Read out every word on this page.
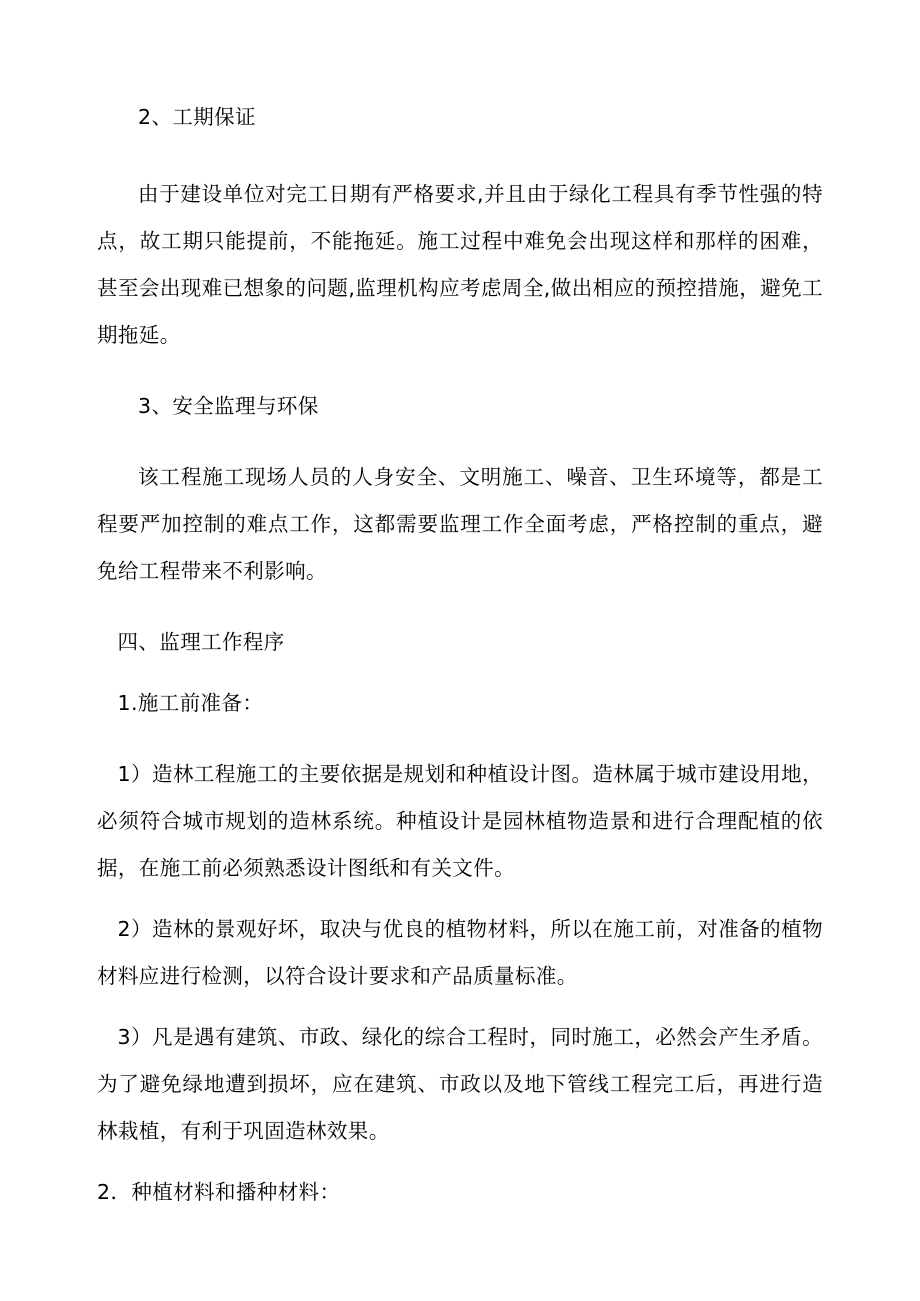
2、工期保证

由于建设单位对完工日期有严格要求,并且由于绿化工程具有季节性强的特点，故工期只能提前，不能拖延。施工过程中难免会出现这样和那样的困难，甚至会出现难已想象的问题,监理机构应考虑周全,做出相应的预控措施，避免工期拖延。

3、安全监理与环保

该工程施工现场人员的人身安全、文明施工、噪音、卫生环境等，都是工程要严加控制的难点工作，这都需要监理工作全面考虑，严格控制的重点，避免给工程带来不利影响。

四、监理工作程序

1.施工前准备：

1）造林工程施工的主要依据是规划和种植设计图。造林属于城市建设用地，必须符合城市规划的造林系统。种植设计是园林植物造景和进行合理配植的依据，在施工前必须熟悉设计图纸和有关文件。

2）造林的景观好坏，取决与优良的植物材料，所以在施工前，对准备的植物材料应进行检测，以符合设计要求和产品质量标准。

3）凡是遇有建筑、市政、绿化的综合工程时，同时施工，必然会产生矛盾。为了避免绿地遭到损坏，应在建筑、市政以及地下管线工程完工后，再进行造林栽植，有利于巩固造林效果。

2．种植材料和播种材料：
